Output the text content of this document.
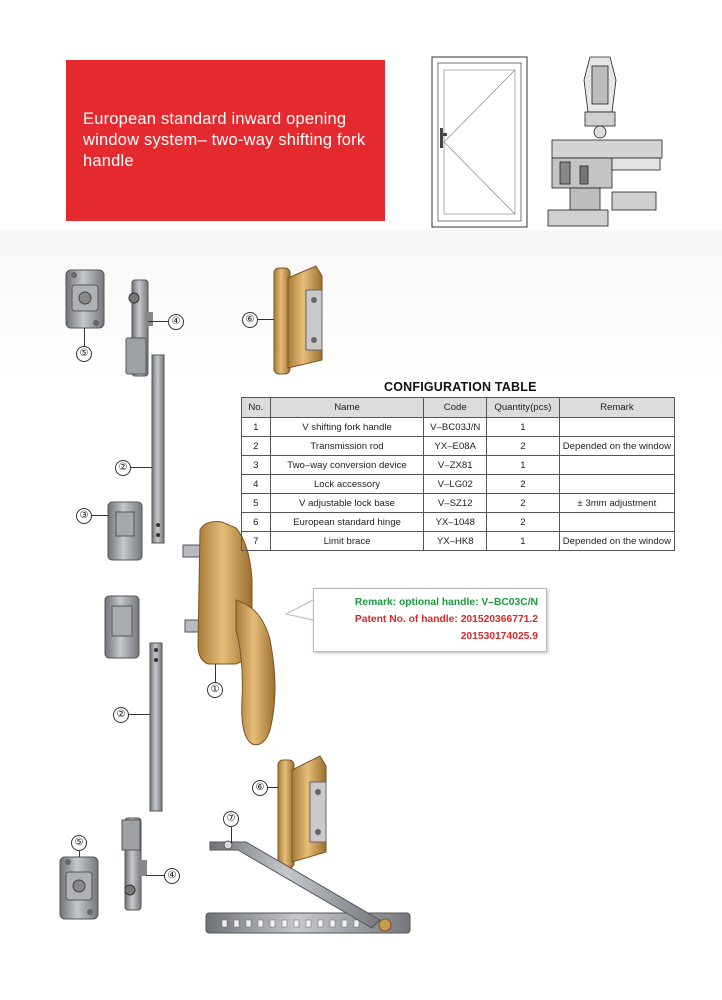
European standard inward opening window system– two-way shifting fork handle
④
⑤
②
③
①
②
⑥
⑥
⑦
④
⑤
CONFIGURATION TABLE
No.	Name	Code	Quantity(pcs)	Remark
1	V shifting fork handle	V–BC03J/N	1	
2	Transmission rod	YX–E08A	2	Depended on the window
3	Two–way conversion device	V–ZX81	1	
4	Lock accessory	V–LG02	2	
5	V adjustable lock base	V–SZ12	2	± 3mm adjustment
6	European standard hinge	YX–1048	2	
7	Limit brace	YX–HK8	1	Depended on the window
Remark: optional handle: V–BC03C/N
Patent No. of handle: 201520366771.2
201530174025.9
